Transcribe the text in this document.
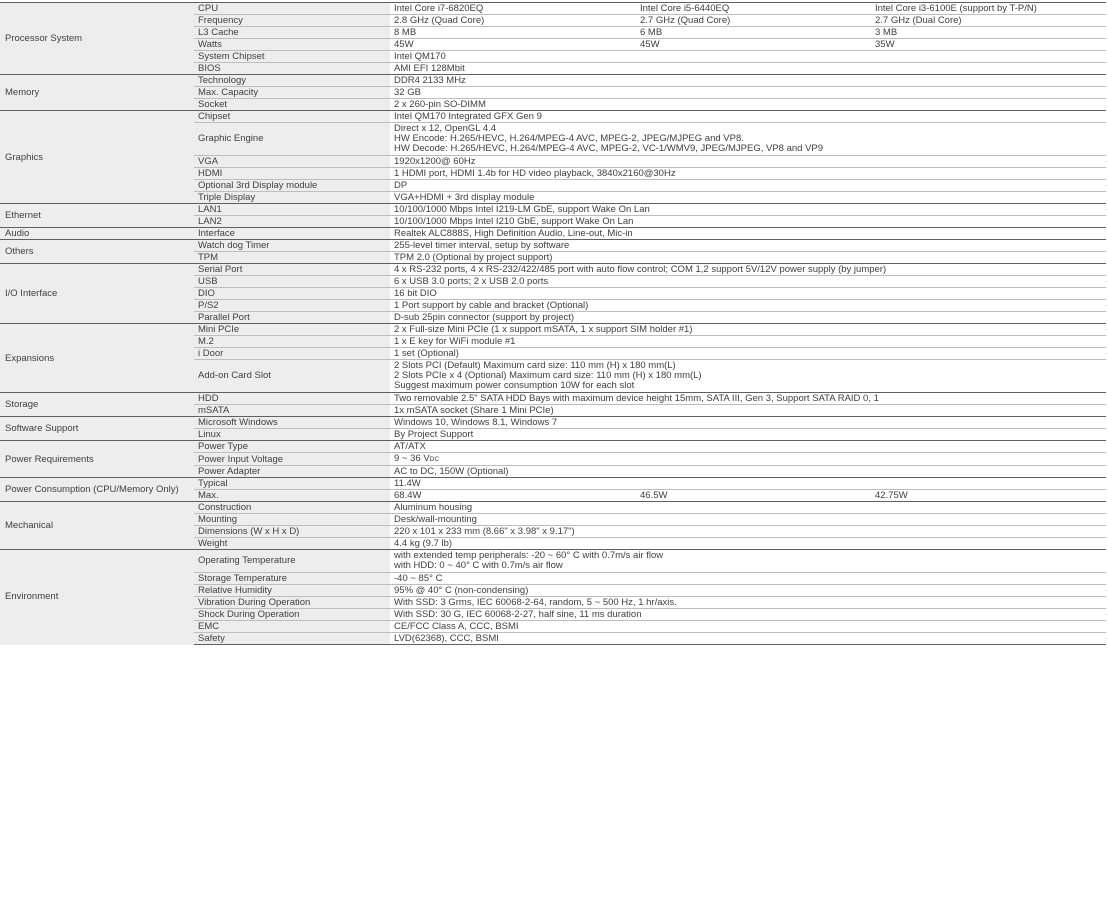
Processor System	CPU	Intel Core i7-6820EQ	Intel Core i5-6440EQ	Intel Core i3-6100E (support by T-P/N)
	Frequency	2.8 GHz (Quad Core)	2.7 GHz (Quad Core)	2.7 GHz (Dual Core)
	L3 Cache	8 MB	6 MB	3 MB
	Watts	45W	45W	35W
	System Chipset	Intel QM170		
	BIOS	AMI EFI 128Mbit		
Memory	Technology	DDR4 2133 MHz		
	Max. Capacity	32 GB		
	Socket	2 x 260-pin SO-DIMM		
Graphics	Chipset	Intel QM170 Integrated GFX Gen 9		
	Graphic Engine	Direct x 12, OpenGL 4.4
HW Encode: H.265/HEVC, H.264/MPEG-4 AVC, MPEG-2, JPEG/MJPEG and VP8.
HW Decode: H.265/HEVC, H.264/MPEG-4 AVC, MPEG-2, VC-1/WMV9, JPEG/MJPEG, VP8 and VP9		

	VGA	1920x1200@ 60Hz		
	HDMI	1 HDMI port, HDMI 1.4b for HD video playback, 3840x2160@30Hz		
	Optional 3rd Display module	DP		
	Triple Display	VGA+HDMI + 3rd display module		
Ethernet	LAN1	10/100/1000 Mbps Intel I219-LM GbE, support Wake On Lan		
	LAN2	10/100/1000 Mbps Intel I210 GbE, support Wake On Lan		
Audio	Interface	Realtek ALC888S, High Definition Audio, Line-out, Mic-in		
Others	Watch dog Timer	255-level timer interval, setup by software		
	TPM	TPM 2.0 (Optional by project support)		
I/O Interface	Serial Port	4 x RS-232 ports, 4 x RS-232/422/485 port with auto flow control; COM 1,2 support 5V/12V power supply (by jumper)		
	USB	6 x USB 3.0 ports; 2 x USB 2.0 ports		
	DIO	16 bit DIO		
	P/S2	1 Port support by cable and bracket (Optional)		
	Parallel Port	D-sub 25pin connector (support by project)		
Expansions	Mini PCIe	2 x Full-size Mini PCIe (1 x support mSATA, 1 x support SIM holder #1)		
	M.2	1 x E key for WiFi module #1		
	i Door	1 set (Optional)		
	Add-on Card Slot	2 Slots PCI (Default) Maximum card size: 110 mm (H) x 180 mm(L)
2 Slots PCIe x 4 (Optional) Maximum card size: 110 mm (H) x 180 mm(L)
Suggest maximum power consumption 10W for each slot		

Storage	HDD	Two removable 2.5" SATA HDD Bays with maximum device height 15mm, SATA III, Gen 3, Support SATA RAID 0, 1		
	mSATA	1x mSATA socket (Share 1 Mini PCIe)		
Software Support	Microsoft Windows	Windows 10, Windows 8.1, Windows 7		
	Linux	By Project Support		
Power Requirements	Power Type	AT/ATX		
	Power Input Voltage	9 ~ 36 VDC		
	Power Adapter	AC to DC, 150W (Optional)		
Power Consumption (CPU/Memory Only)	Typical	11.4W		
	Max.	68.4W	46.5W	42.75W
Mechanical	Construction	Aluminum housing		
	Mounting	Desk/wall-mounting		
	Dimensions (W x H x D)	220 x 101 x 233 mm (8.66" x 3.98" x 9.17")		
	Weight	4.4 kg (9.7 lb)		
Environment	Operating Temperature	with extended temp peripherals: -20 ~ 60° C with 0.7m/s air flow
with HDD: 0 ~ 40° C with 0.7m/s air flow		

	Storage Temperature	-40 ~ 85° C		
	Relative Humidity	95% @ 40° C (non-condensing)		
	Vibration During Operation	With SSD: 3 Grms, IEC 60068-2-64, random, 5 ~ 500 Hz, 1 hr/axis.		
	Shock During Operation	With SSD: 30 G, IEC 60068-2-27, half sine, 11 ms duration		
	EMC	CE/FCC Class A, CCC, BSMI		
	Safety	LVD(62368), CCC, BSMI		
